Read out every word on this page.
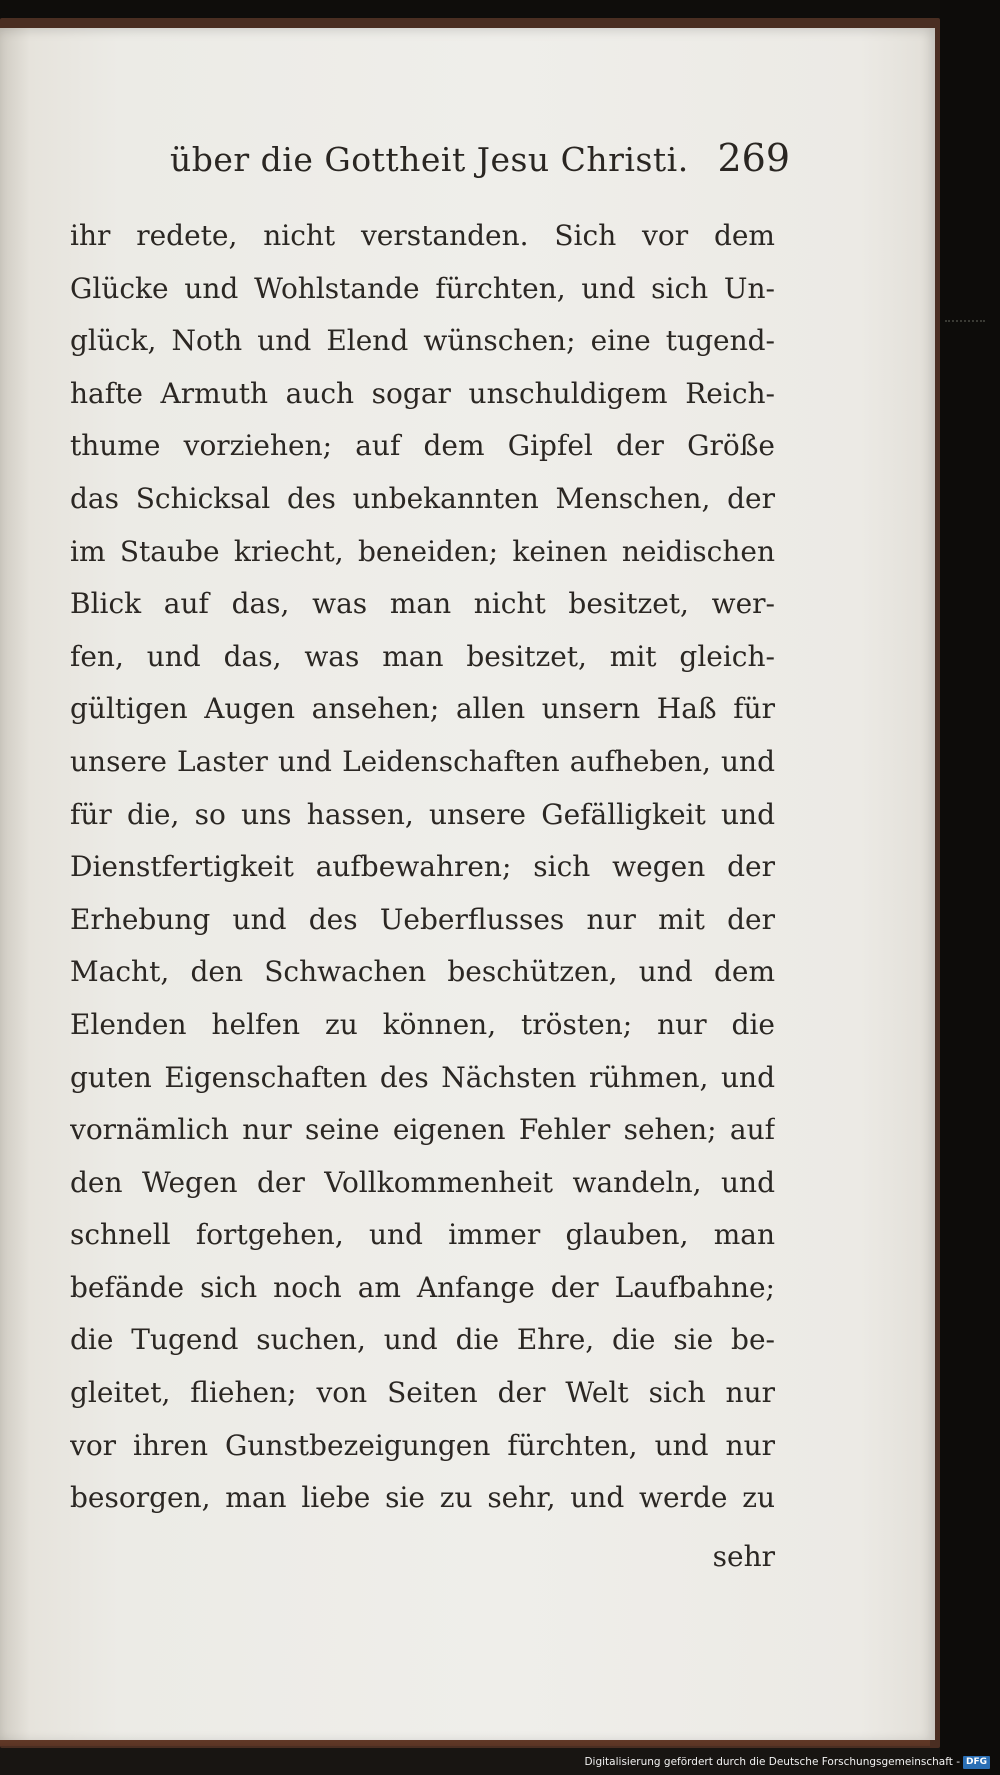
über die Gottheit Jesu Christi. 269
ihr redete, nicht verstanden. Sich vor dem
Glücke und Wohlstande fürchten, und sich Un-
glück, Noth und Elend wünschen; eine tugend-
hafte Armuth auch sogar unschuldigem Reich-
thume vorziehen; auf dem Gipfel der Größe
das Schicksal des unbekannten Menschen, der
im Staube kriecht, beneiden; keinen neidischen
Blick auf das, was man nicht besitzet, wer-
fen, und das, was man besitzet, mit gleich-
gültigen Augen ansehen; allen unsern Haß für
unsere Laster und Leidenschaften aufheben, und
für die, so uns hassen, unsere Gefälligkeit und
Dienstfertigkeit aufbewahren; sich wegen der
Erhebung und des Ueberflusses nur mit der
Macht, den Schwachen beschützen, und dem
Elenden helfen zu können, trösten; nur die
guten Eigenschaften des Nächsten rühmen, und
vornämlich nur seine eigenen Fehler sehen; auf
den Wegen der Vollkommenheit wandeln, und
schnell fortgehen, und immer glauben, man
befände sich noch am Anfange der Laufbahne;
die Tugend suchen, und die Ehre, die sie be-
gleitet, fliehen; von Seiten der Welt sich nur
vor ihren Gunstbezeigungen fürchten, und nur
besorgen, man liebe sie zu sehr, und werde zu
sehr
Digitalisierung gefördert durch die Deutsche Forschungsgemeinschaft - DFG
